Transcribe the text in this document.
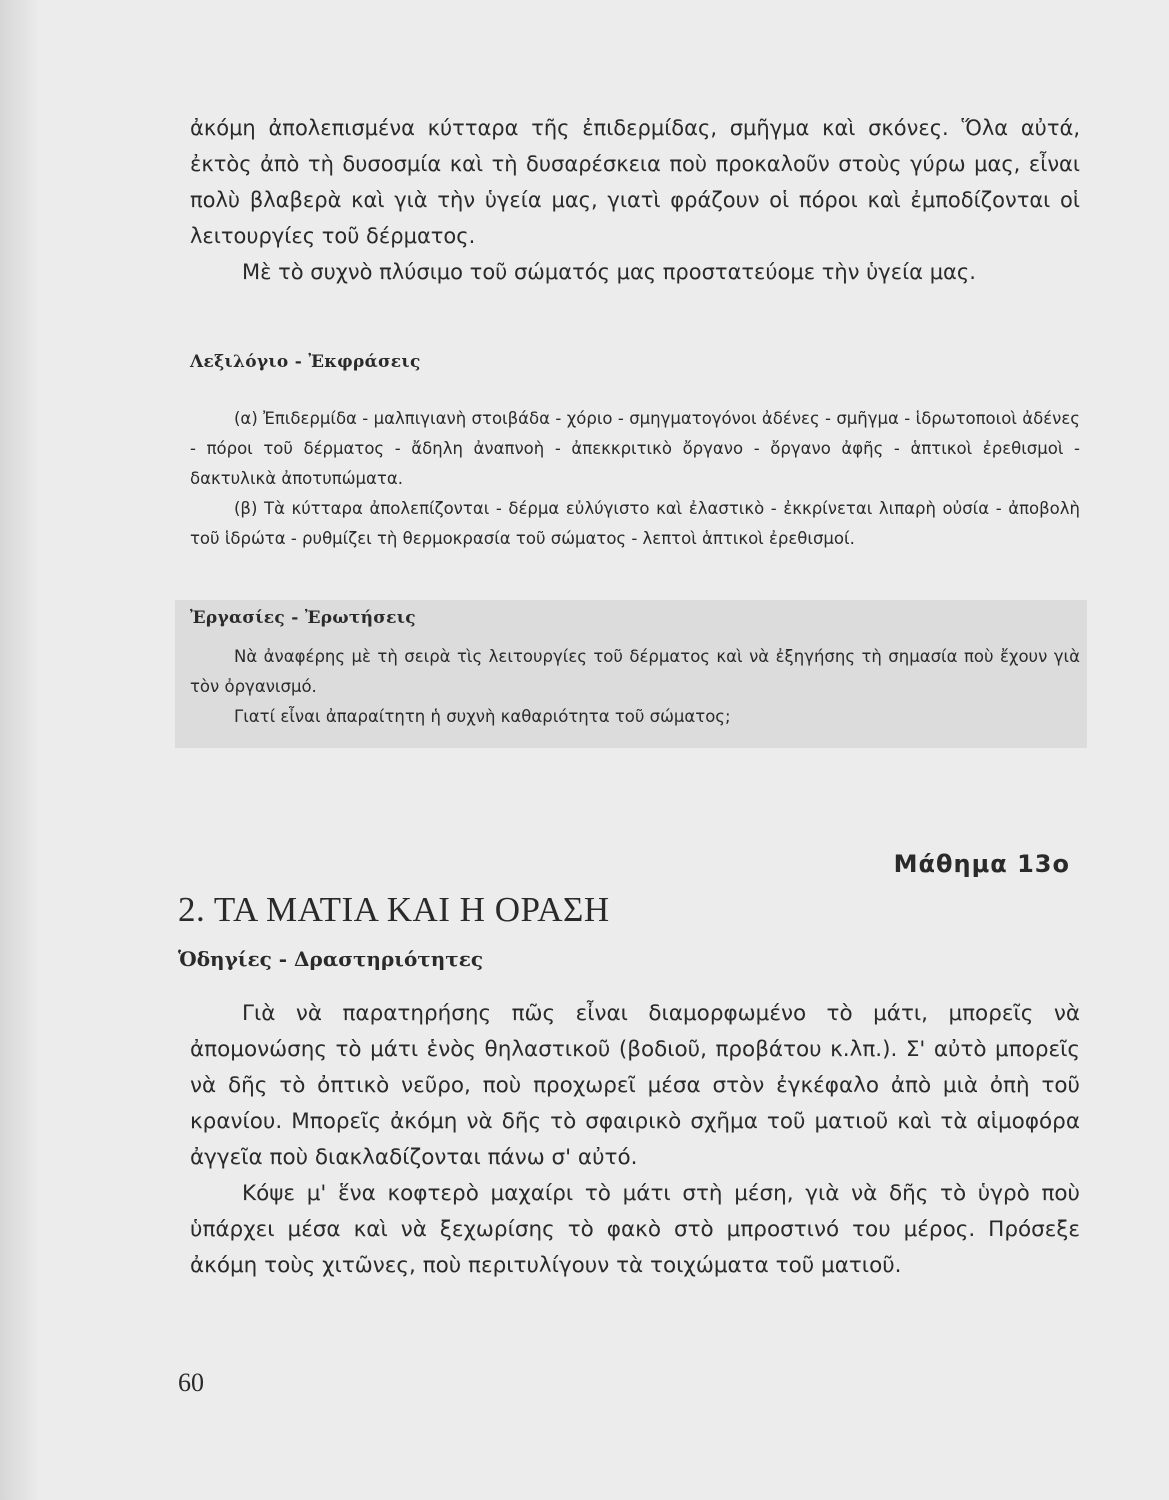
ἀκόμη ἀπολεπισμένα κύτταρα τῆς ἐπιδερμίδας, σμῆγμα καὶ σκόνες. Ὅλα αὐτά, ἐκτὸς ἀπὸ τὴ δυσοσμία καὶ τὴ δυσαρέσκεια ποὺ προκαλοῦν στοὺς γύρω μας, εἶναι πολὺ βλαβερὰ καὶ γιὰ τὴν ὑγεία μας, γιατὶ φράζουν οἱ πόροι καὶ ἐμποδίζονται οἱ λειτουργίες τοῦ δέρματος.

Μὲ τὸ συχνὸ πλύσιμο τοῦ σώματός μας προστατεύομε τὴν ὑγεία μας.

Λεξιλόγιο - Ἐκφράσεις

(α) Ἐπιδερμίδα - μαλπιγιανὴ στοιβάδα - χόριο - σμηγματογόνοι ἀδένες - σμῆγμα - ἱδρωτοποιοὶ ἀδένες - πόροι τοῦ δέρματος - ἄδηλη ἀναπνοὴ - ἀπεκκριτικὸ ὄργανο - ὄργανο ἀφῆς - ἁπτικοὶ ἐρεθισμοὶ - δακτυλικὰ ἀποτυπώματα.

(β) Τὰ κύτταρα ἀπολεπίζονται - δέρμα εὐλύγιστο καὶ ἐλαστικὸ - ἐκκρίνεται λιπαρὴ οὐσία - ἀποβολὴ τοῦ ἱδρώτα - ρυθμίζει τὴ θερμοκρασία τοῦ σώματος - λεπτοὶ ἁπτικοὶ ἐρεθισμοί.

Ἐργασίες - Ἐρωτήσεις

Νὰ ἀναφέρης μὲ τὴ σειρὰ τὶς λειτουργίες τοῦ δέρματος καὶ νὰ ἐξηγήσης τὴ σημασία ποὺ ἔχουν γιὰ τὸν ὀργανισμό.

Γιατί εἶναι ἀπαραίτητη ἡ συχνὴ καθαριότητα τοῦ σώματος;

Μάθημα 13ο
2. ΤΑ ΜΑΤΙΑ ΚΑΙ Η ΟΡΑΣΗ
Ὁδηγίες - Δραστηριότητες

Γιὰ νὰ παρατηρήσης πῶς εἶναι διαμορφωμένο τὸ μάτι, μπορεῖς νὰ ἀπομονώσης τὸ μάτι ἑνὸς θηλαστικοῦ (βοδιοῦ, προβάτου κ.λπ.). Σ' αὐτὸ μπορεῖς νὰ δῆς τὸ ὀπτικὸ νεῦρο, ποὺ προχωρεῖ μέσα στὸν ἐγκέφαλο ἀπὸ μιὰ ὀπὴ τοῦ κρανίου. Μπορεῖς ἀκόμη νὰ δῆς τὸ σφαιρικὸ σχῆμα τοῦ ματιοῦ καὶ τὰ αἱμοφόρα ἀγγεῖα ποὺ διακλαδίζονται πάνω σ' αὐτό.

Κόψε μ' ἕνα κοφτερὸ μαχαίρι τὸ μάτι στὴ μέση, γιὰ νὰ δῆς τὸ ὑγρὸ ποὺ ὑπάρχει μέσα καὶ νὰ ξεχωρίσης τὸ φακὸ στὸ μπροστινό του μέρος. Πρόσεξε ἀκόμη τοὺς χιτῶνες, ποὺ περιτυλίγουν τὰ τοιχώματα τοῦ ματιοῦ.

60
